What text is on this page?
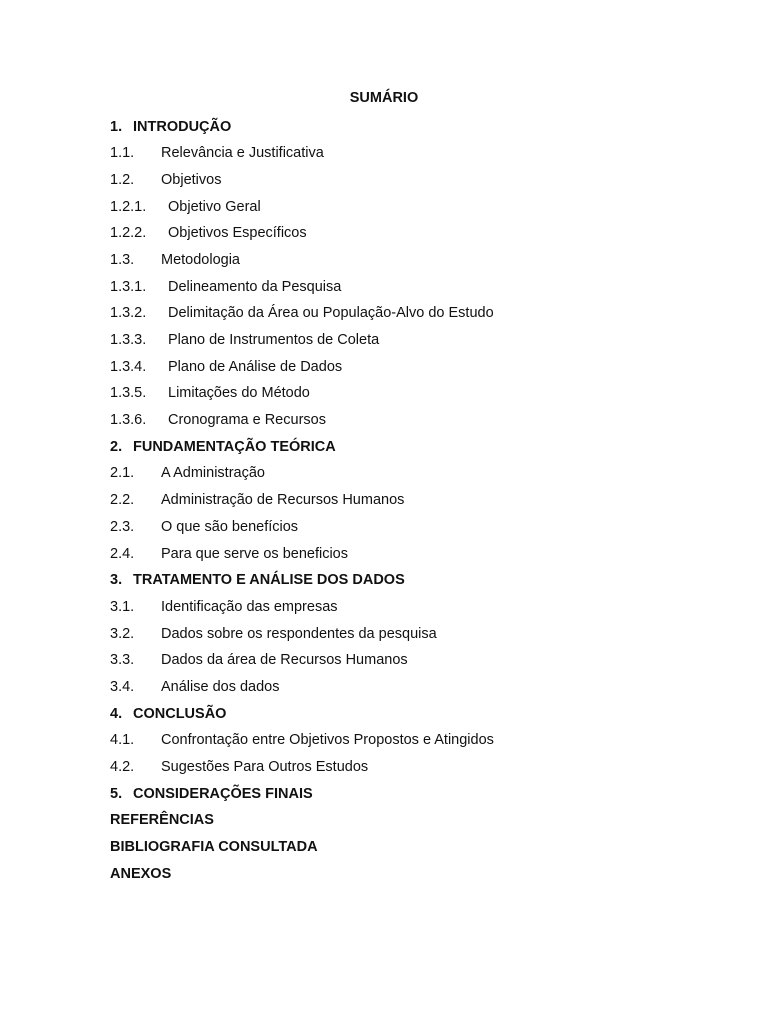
SUMÁRIO
1. INTRODUÇÃO
1.1. Relevância e Justificativa
1.2. Objetivos
1.2.1. Objetivo Geral
1.2.2. Objetivos Específicos
1.3. Metodologia
1.3.1. Delineamento da Pesquisa
1.3.2. Delimitação da Área ou População-Alvo do Estudo
1.3.3. Plano de Instrumentos de Coleta
1.3.4. Plano de Análise de Dados
1.3.5. Limitações do Método
1.3.6. Cronograma e Recursos
2. FUNDAMENTAÇÃO TEÓRICA
2.1. A Administração
2.2. Administração de Recursos Humanos
2.3. O que são benefícios
2.4. Para que serve os beneficios
3. TRATAMENTO E ANÁLISE DOS DADOS
3.1. Identificação das empresas
3.2. Dados sobre os respondentes da pesquisa
3.3. Dados da área de Recursos Humanos
3.4. Análise dos dados
4. CONCLUSÃO
4.1. Confrontação entre Objetivos Propostos e Atingidos
4.2. Sugestões Para Outros Estudos
5. CONSIDERAÇÕES FINAIS
REFERÊNCIAS
BIBLIOGRAFIA CONSULTADA
ANEXOS
